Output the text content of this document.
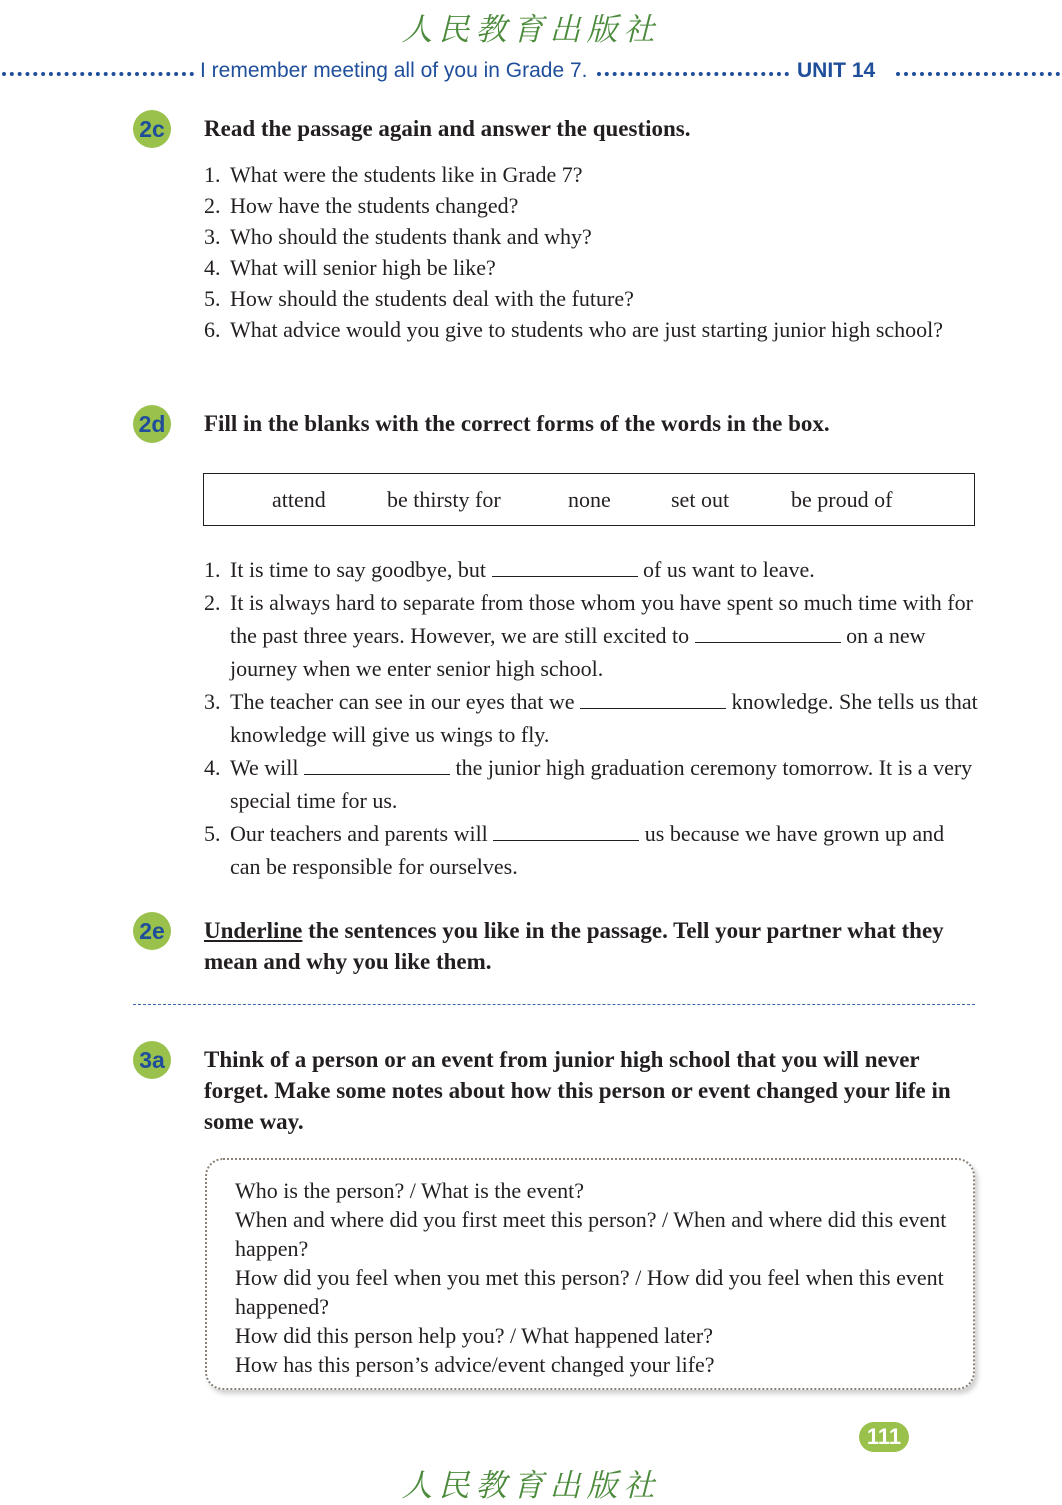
人民教育出版社
I remember meeting all of you in Grade 7.	UNIT 14
2c Read the passage again and answer the questions.
1. What were the students like in Grade 7?
2. How have the students changed?
3. Who should the students thank and why?
4. What will senior high be like?
5. How should the students deal with the future?
6. What advice would you give to students who are just starting junior high school?
2d Fill in the blanks with the correct forms of the words in the box.
attend	be thirsty for	none	set out	be proud of
1. It is time to say goodbye, but	of us want to leave.
2. It is always hard to separate from those whom you have spent so much time with for the past three years. However, we are still excited to	on a new journey when we enter senior high school.
3. The teacher can see in our eyes that we	knowledge. She tells us that knowledge will give us wings to fly.
4. We will	the junior high graduation ceremony tomorrow. It is a very special time for us.
5. Our teachers and parents will	us because we have grown up and can be responsible for ourselves.
2e Underline the sentences you like in the passage. Tell your partner what they mean and why you like them.
3a Think of a person or an event from junior high school that you will never forget. Make some notes about how this person or event changed your life in some way.
Who is the person? / What is the event?
When and where did you first meet this person? / When and where did this event happen?
How did you feel when you met this person? / How did you feel when this event happened?
How did this person help you? / What happened later?
How has this person’s advice/event changed your life?
111
人民教育出版社
